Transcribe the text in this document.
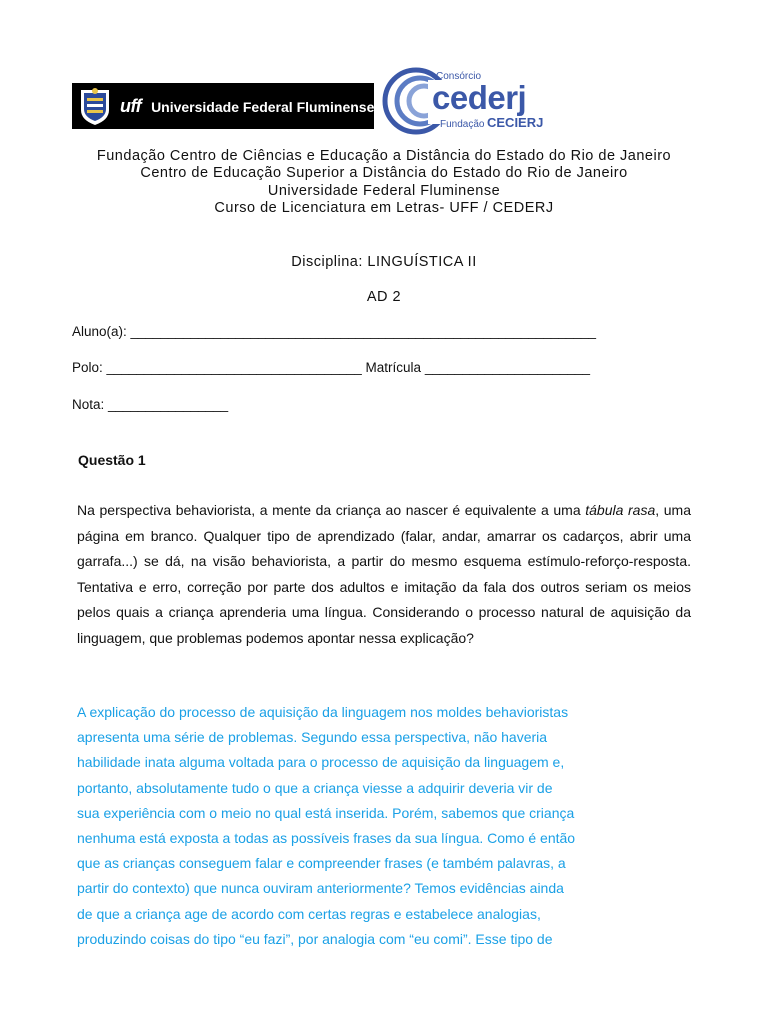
uff Universidade Federal Fluminense
Consórcio
cederj
Fundação CECIERJ
Fundação Centro de Ciências e Educação a Distância do Estado do Rio de Janeiro
Centro de Educação Superior a Distância do Estado do Rio de Janeiro
Universidade Federal Fluminense
Curso de Licenciatura em Letras- UFF / CEDERJ
Disciplina: LINGUÍSTICA II
AD 2
Aluno(a): ______________________________________________________________
Polo: __________________________________ Matrícula ______________________
Nota: ________________
Questão 1
Na perspectiva behaviorista, a mente da criança ao nascer é equivalente a uma tábula rasa, uma página em branco. Qualquer tipo de aprendizado (falar, andar, amarrar os cadarços, abrir uma garrafa...) se dá, na visão behaviorista, a partir do mesmo esquema estímulo-reforço-resposta. Tentativa e erro, correção por parte dos adultos e imitação da fala dos outros seriam os meios pelos quais a criança aprenderia uma língua. Considerando o processo natural de aquisição da linguagem, que problemas podemos apontar nessa explicação?
A explicação do processo de aquisição da linguagem nos moldes behavioristas
apresenta uma série de problemas. Segundo essa perspectiva, não haveria
habilidade inata alguma voltada para o processo de aquisição da linguagem e,
portanto, absolutamente tudo o que a criança viesse a adquirir deveria vir de
sua experiência com o meio no qual está inserida. Porém, sabemos que criança
nenhuma está exposta a todas as possíveis frases da sua língua. Como é então
que as crianças conseguem falar e compreender frases (e também palavras, a
partir do contexto) que nunca ouviram anteriormente? Temos evidências ainda
de que a criança age de acordo com certas regras e estabelece analogias,
produzindo coisas do tipo “eu fazi”, por analogia com “eu comi”. Esse tipo de
